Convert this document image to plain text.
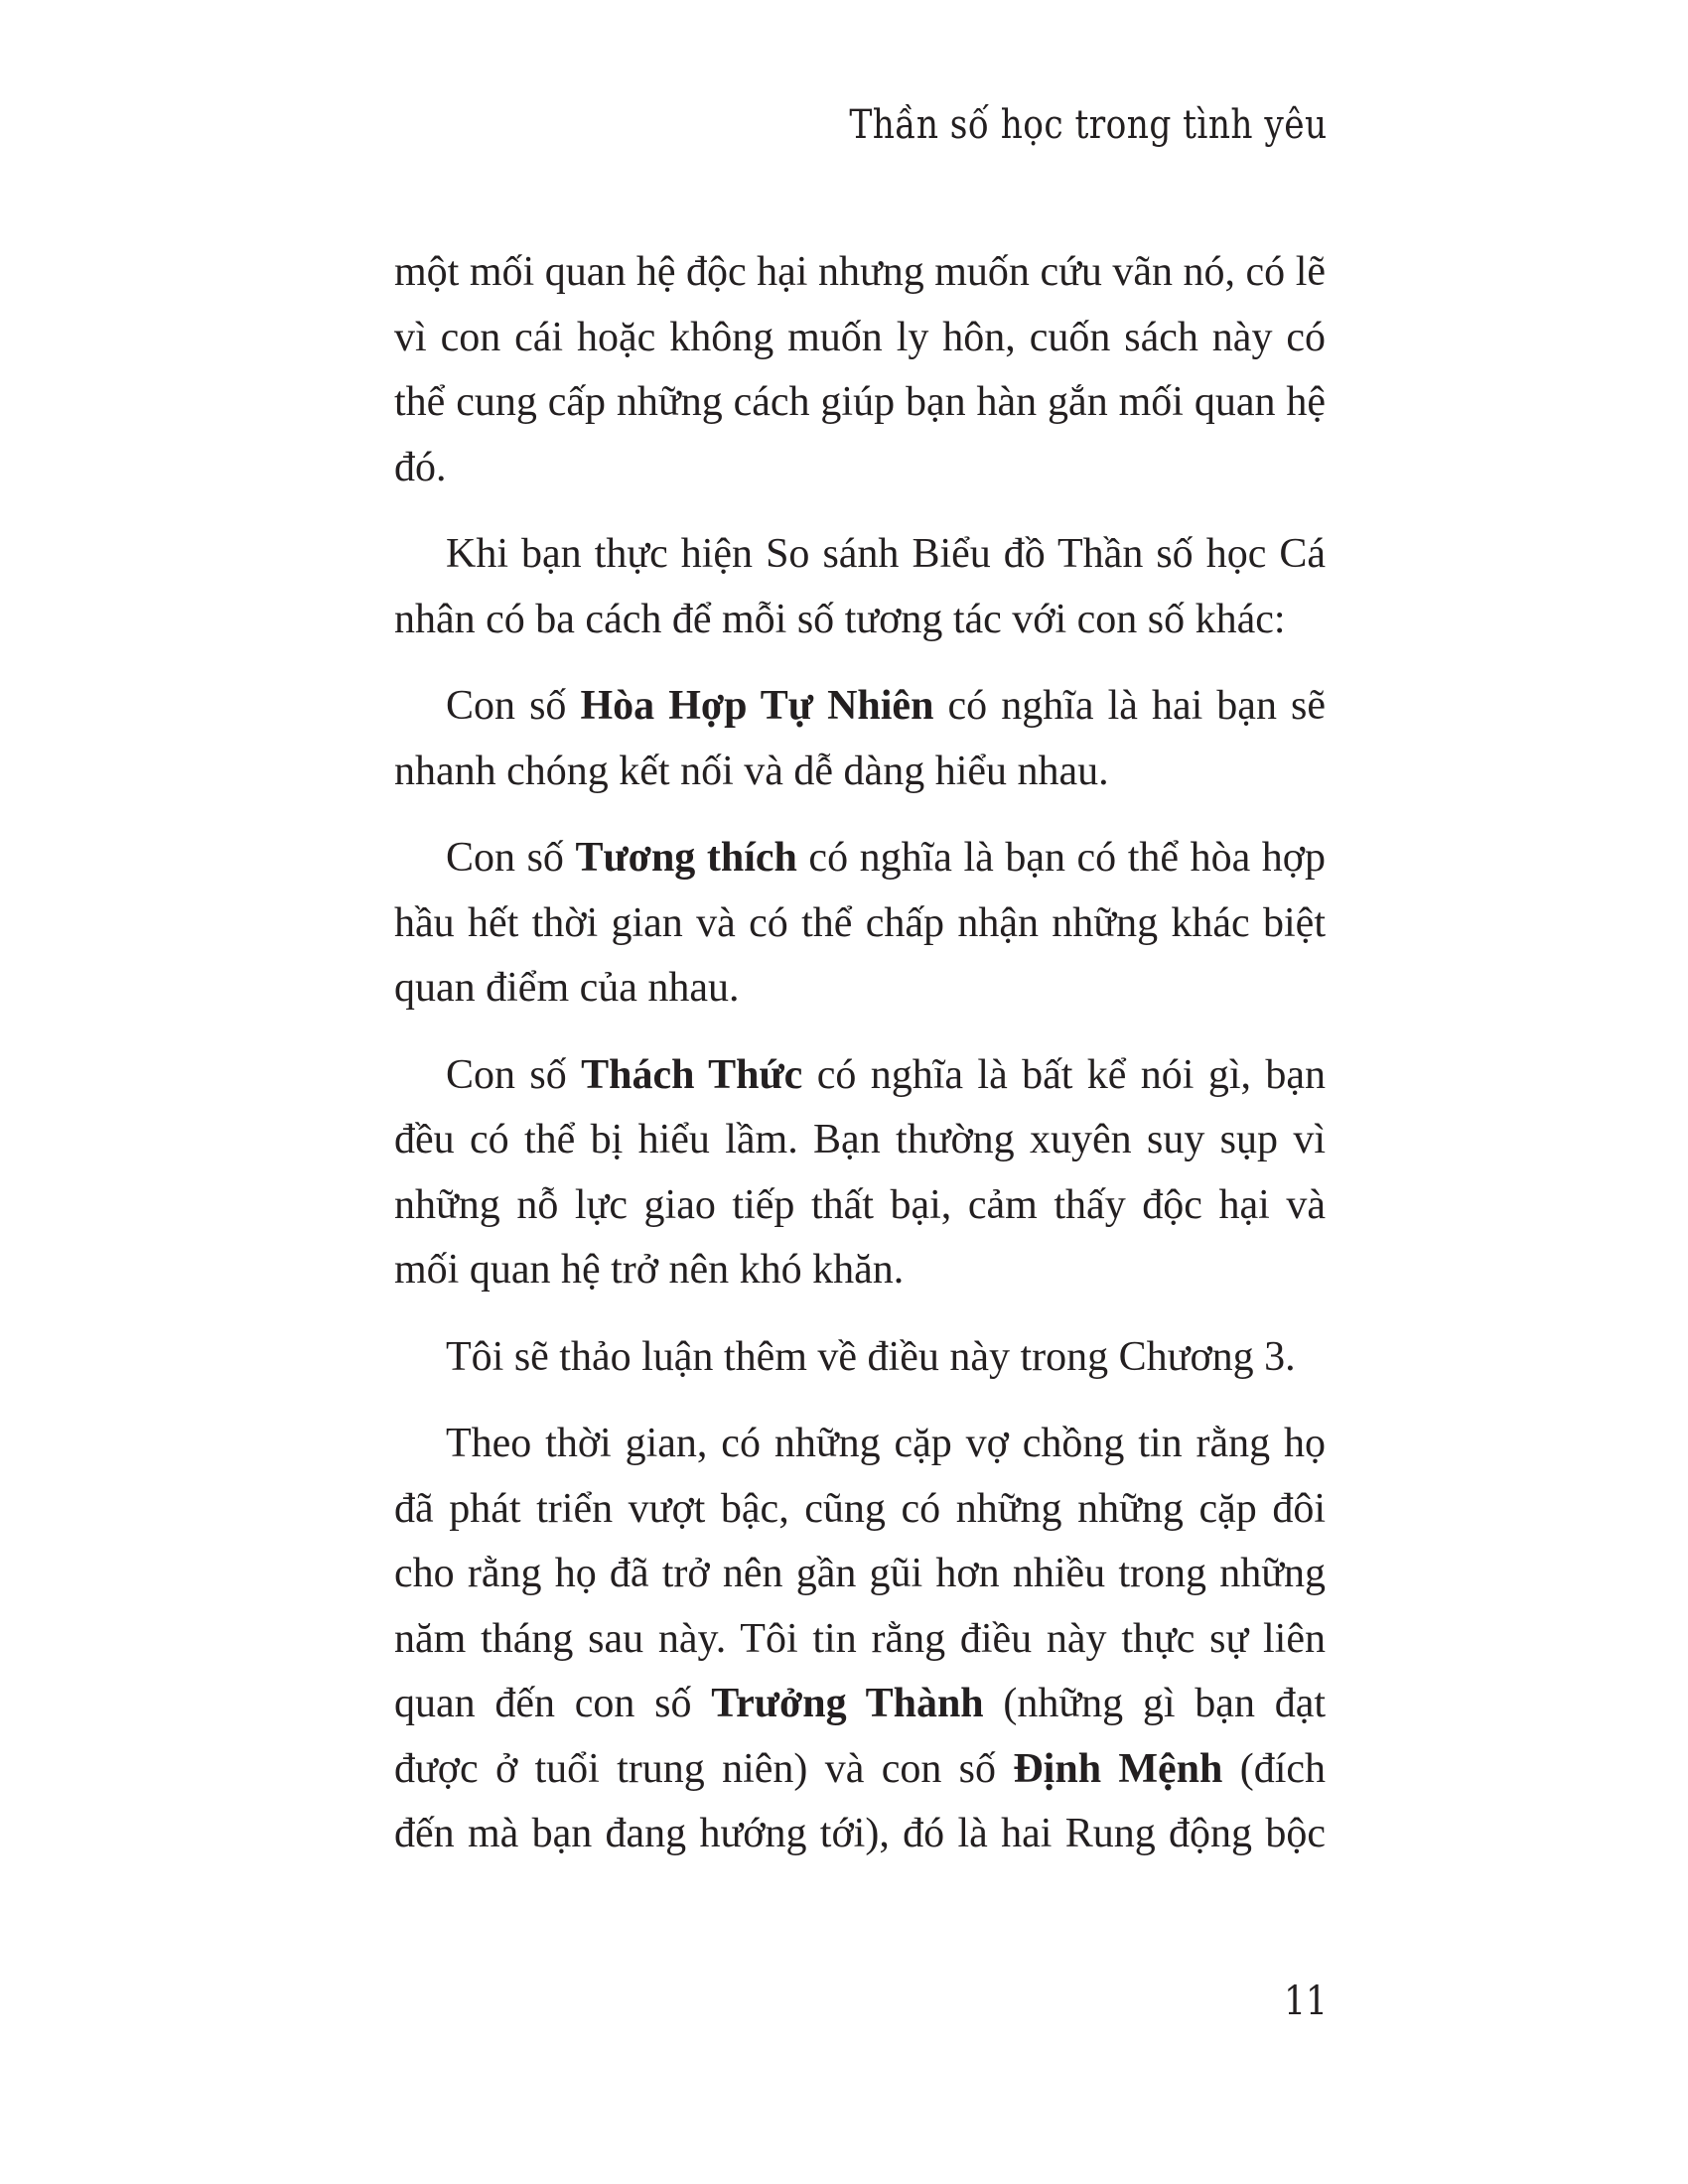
Thần số học trong tình yêu

một mối quan hệ độc hại nhưng muốn cứu vãn nó, có lẽ vì con cái hoặc không muốn ly hôn, cuốn sách này có thể cung cấp những cách giúp bạn hàn gắn mối quan hệ đó.

Khi bạn thực hiện So sánh Biểu đồ Thần số học Cá nhân có ba cách để mỗi số tương tác với con số khác:

Con số Hòa Hợp Tự Nhiên có nghĩa là hai bạn sẽ nhanh chóng kết nối và dễ dàng hiểu nhau.

Con số Tương thích có nghĩa là bạn có thể hòa hợp hầu hết thời gian và có thể chấp nhận những khác biệt quan điểm của nhau.

Con số Thách Thức có nghĩa là bất kể nói gì, bạn đều có thể bị hiểu lầm. Bạn thường xuyên suy sụp vì những nỗ lực giao tiếp thất bại, cảm thấy độc hại và mối quan hệ trở nên khó khăn.

Tôi sẽ thảo luận thêm về điều này trong Chương 3.

Theo thời gian, có những cặp vợ chồng tin rằng họ đã phát triển vượt bậc, cũng có những những cặp đôi cho rằng họ đã trở nên gần gũi hơn nhiều trong những năm tháng sau này. Tôi tin rằng điều này thực sự liên quan đến con số Trưởng Thành (những gì bạn đạt được ở tuổi trung niên) và con số Định Mệnh (đích đến mà bạn đang hướng tới), đó là hai Rung động bộc

11
